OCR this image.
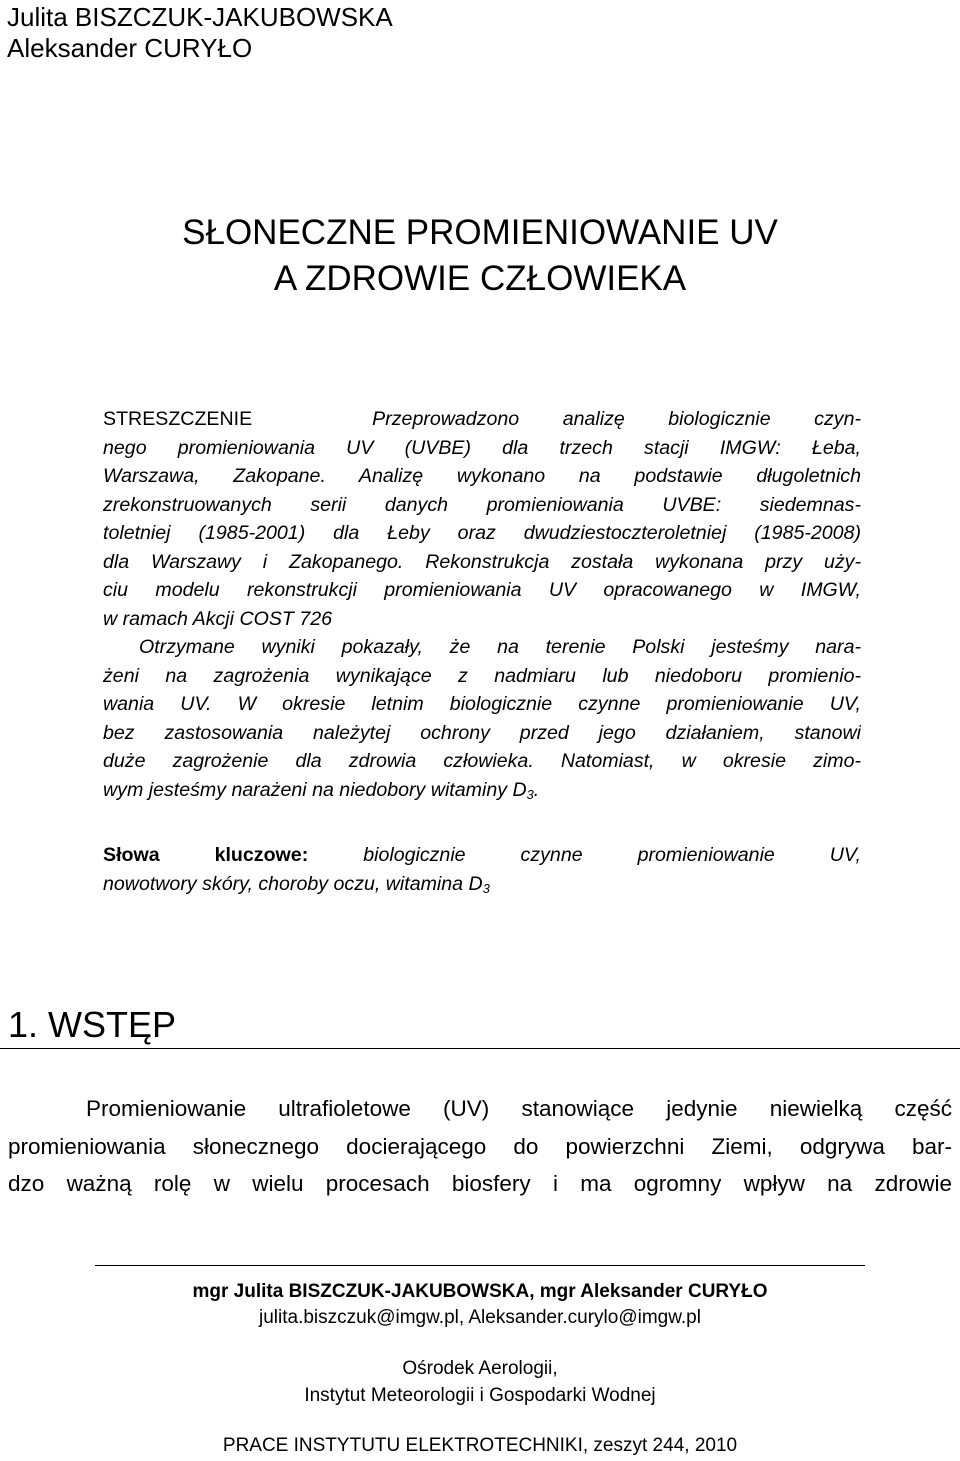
Julita BISZCZUK-JAKUBOWSKA
Aleksander CURYŁO
SŁONECZNE PROMIENIOWANIE UV
A ZDROWIE CZŁOWIEKA
STRESZCZENIE	Przeprowadzono analizę biologicznie czyn-
nego promieniowania UV (UVBE) dla trzech stacji IMGW: Łeba,
Warszawa, Zakopane. Analizę wykonano na podstawie długoletnich
zrekonstruowanych serii danych promieniowania UVBE: siedemnas-
toletniej (1985-2001) dla Łeby oraz dwudziestoczteroletniej (1985-2008)
dla Warszawy i Zakopanego. Rekonstrukcja została wykonana przy uży-
ciu modelu rekonstrukcji promieniowania UV opracowanego w IMGW,
w ramach Akcji COST 726
Otrzymane wyniki pokazały, że na terenie Polski jesteśmy nara-
żeni na zagrożenia wynikające z nadmiaru lub niedoboru promienio-
wania UV. W okresie letnim biologicznie czynne promieniowanie UV,
bez zastosowania należytej ochrony przed jego działaniem, stanowi
duże zagrożenie dla zdrowia człowieka. Natomiast, w okresie zimo-
wym jesteśmy narażeni na niedobory witaminy $D_3$.
Słowa kluczowe:	biologicznie czynne promieniowanie UV,
nowotwory skóry, choroby oczu, witamina $D_3$
1. WSTĘP
Promieniowanie ultrafioletowe (UV) stanowiące jedynie niewielką część
promieniowania słonecznego docierającego do powierzchni Ziemi, odgrywa bar-
dzo ważną rolę w wielu procesach biosfery i ma ogromny wpływ na zdrowie
mgr Julita BISZCZUK-JAKUBOWSKA, mgr Aleksander CURYŁO
julita.biszczuk@imgw.pl, Aleksander.curylo@imgw.pl
Ośrodek Aerologii,
Instytut Meteorologii i Gospodarki Wodnej
PRACE INSTYTUTU ELEKTROTECHNIKI, zeszyt 244, 2010
